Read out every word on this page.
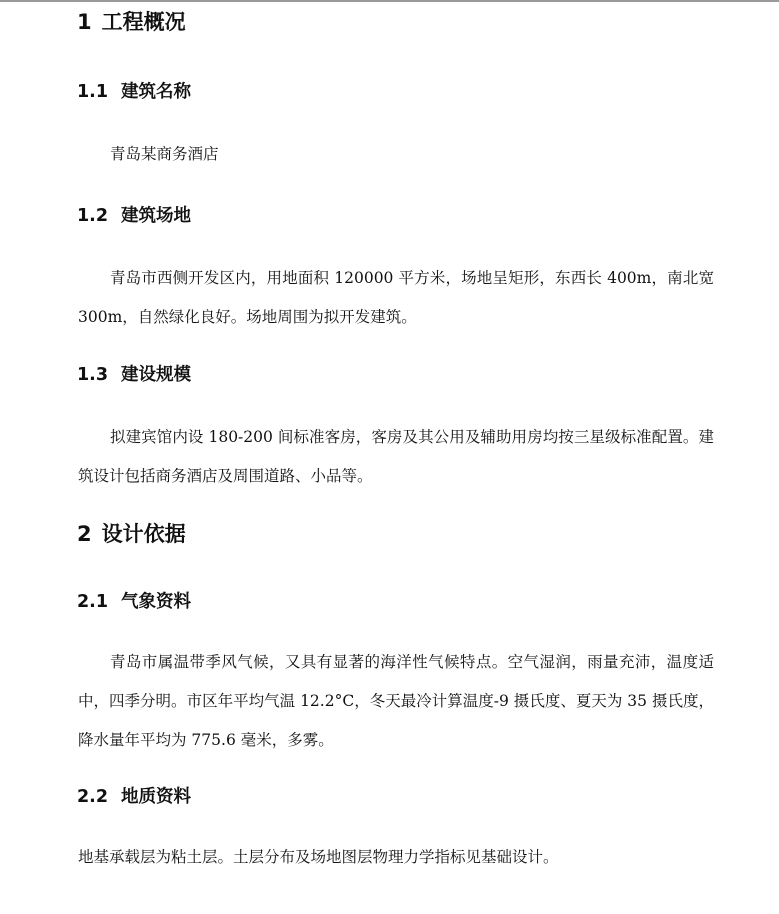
1 工程概况
1.1 建筑名称

青岛某商务酒店

1.2 建筑场地

青岛市西侧开发区内，用地面积 120000 平方米，场地呈矩形，东西长 400m，南北宽 300m，自然绿化良好。场地周围为拟开发建筑。

1.3 建设规模

拟建宾馆内设 180-200 间标准客房，客房及其公用及辅助用房均按三星级标准配置。建筑设计包括商务酒店及周围道路、小品等。

2 设计依据
2.1 气象资料

青岛市属温带季风气候，又具有显著的海洋性气候特点。空气湿润，雨量充沛，温度适中，四季分明。市区年平均气温 12.2°C，冬天最冷计算温度-9 摄氏度、夏天为 35 摄氏度，降水量年平均为 775.6 毫米，多雾。

2.2 地质资料

地基承载层为粘土层。土层分布及场地图层物理力学指标见基础设计。
